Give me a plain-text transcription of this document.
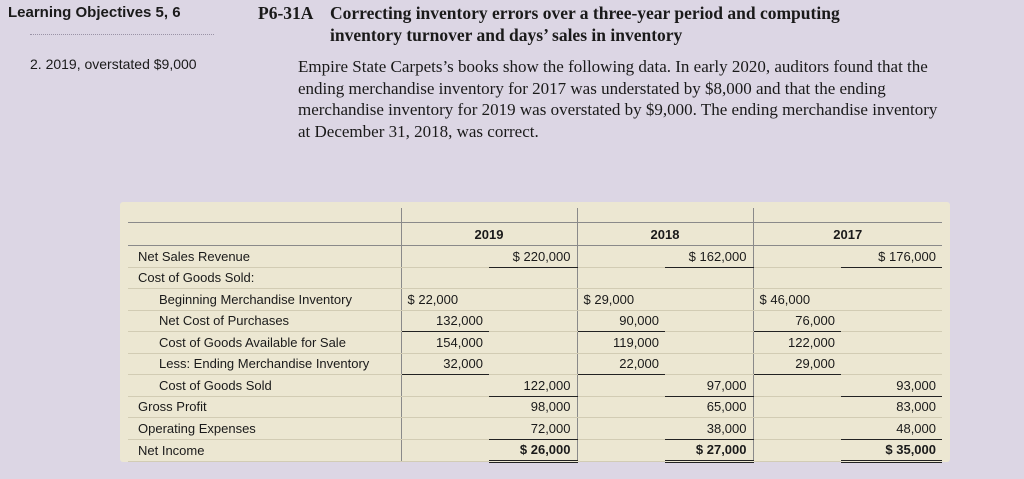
Learning Objectives 5, 6
2. 2019, overstated $9,000
P6-31A Correcting inventory errors over a three-year period and computing
inventory turnover and days’ sales in inventory
Empire State Carpets’s books show the following data. In early 2020, auditors found that the ending merchandise inventory for 2017 was understated by $8,000 and that the ending merchandise inventory for 2019 was overstated by $9,000. The ending merchandise inventory at December 31, 2018, was correct.

	2019		2018		2017	
Net Sales Revenue		$ 220,000		$ 162,000		$ 176,000
Cost of Goods Sold:						
Beginning Merchandise Inventory	$ 22,000		$ 29,000		$ 46,000	
Net Cost of Purchases	132,000		90,000		76,000	
Cost of Goods Available for Sale	154,000		119,000		122,000	
Less: Ending Merchandise Inventory	32,000		22,000		29,000	
Cost of Goods Sold		122,000		97,000		93,000
Gross Profit		98,000		65,000		83,000
Operating Expenses		72,000		38,000		48,000
Net Income		$ 26,000		$ 27,000		$ 35,000
